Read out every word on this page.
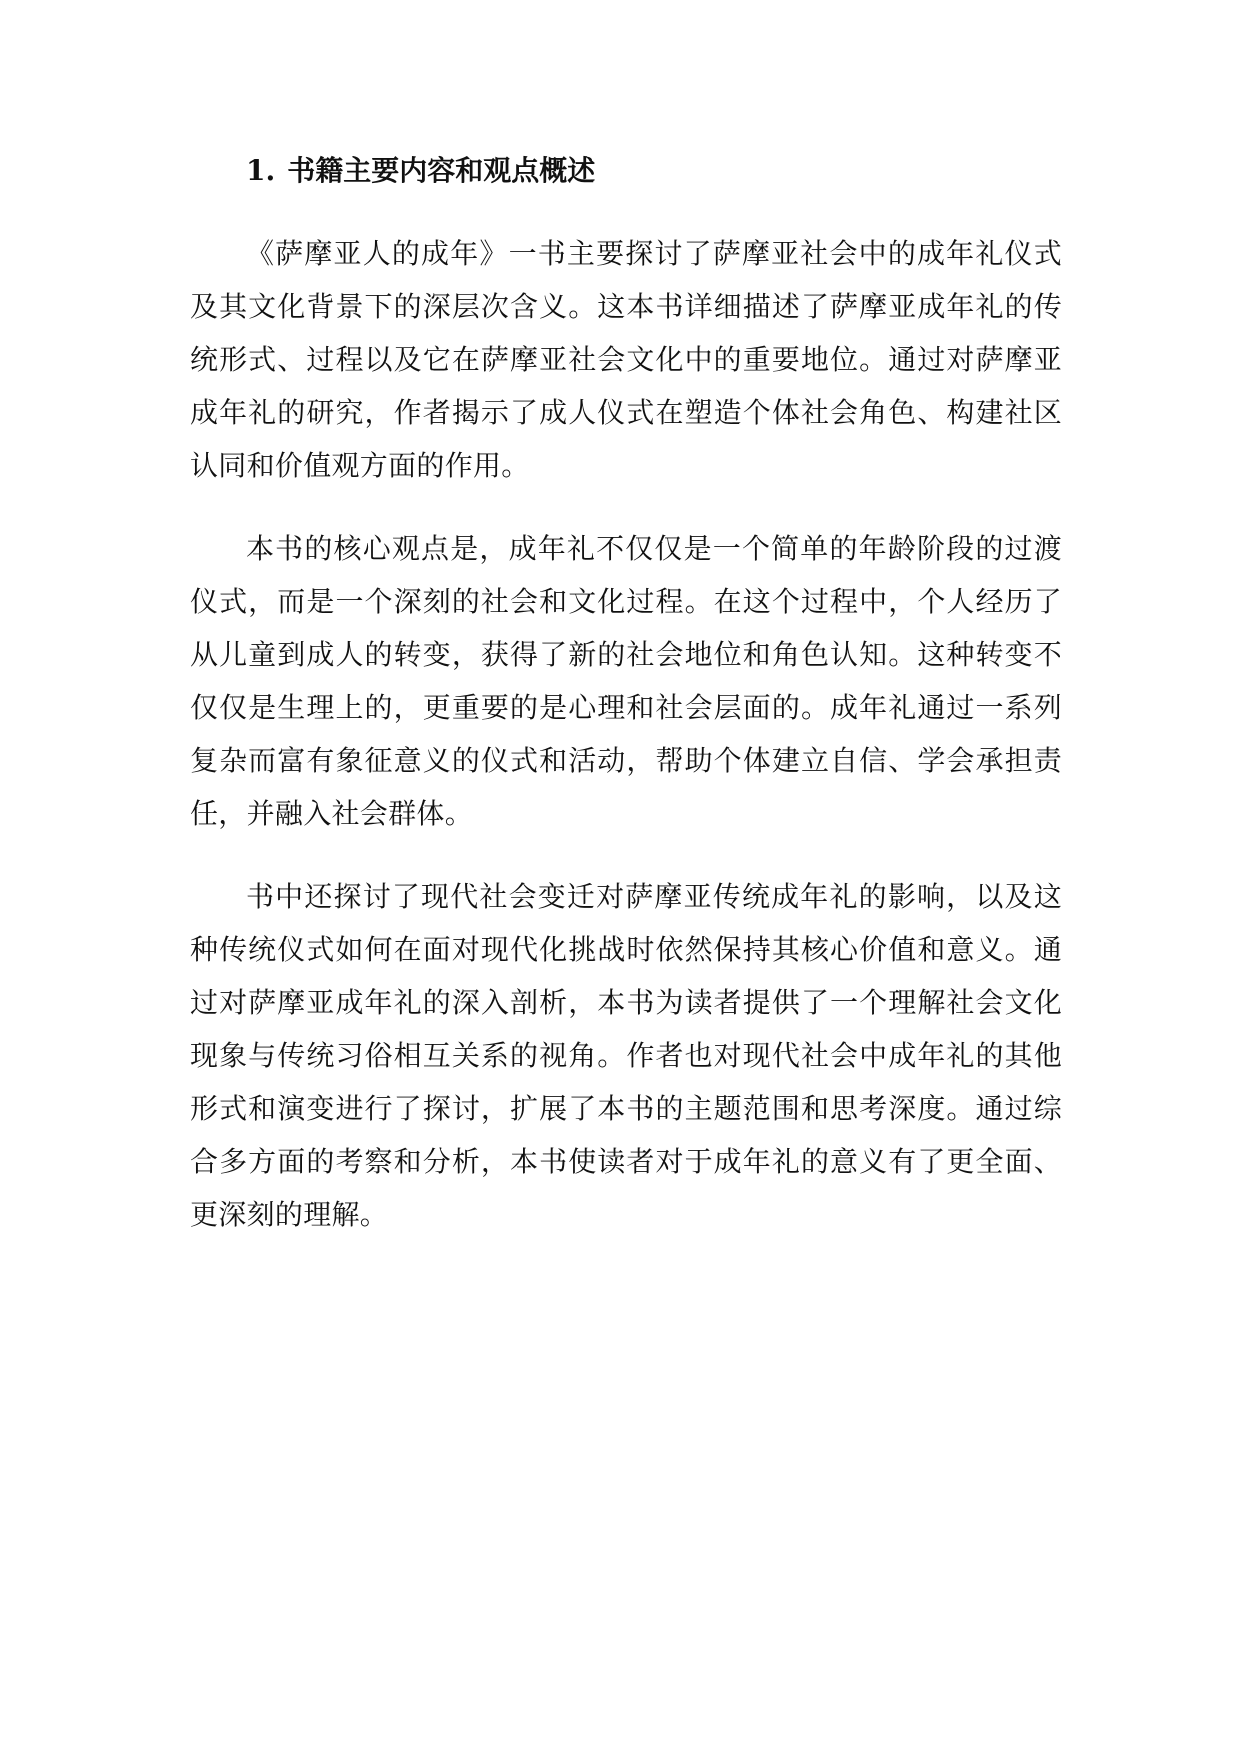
1. 书籍主要内容和观点概述

《萨摩亚人的成年》一书主要探讨了萨摩亚社会中的成年礼仪式及其文化背景下的深层次含义。这本书详细描述了萨摩亚成年礼的传统形式、过程以及它在萨摩亚社会文化中的重要地位。通过对萨摩亚成年礼的研究，作者揭示了成人仪式在塑造个体社会角色、构建社区认同和价值观方面的作用。

本书的核心观点是，成年礼不仅仅是一个简单的年龄阶段的过渡仪式，而是一个深刻的社会和文化过程。在这个过程中，个人经历了从儿童到成人的转变，获得了新的社会地位和角色认知。这种转变不仅仅是生理上的，更重要的是心理和社会层面的。成年礼通过一系列复杂而富有象征意义的仪式和活动，帮助个体建立自信、学会承担责任，并融入社会群体。

书中还探讨了现代社会变迁对萨摩亚传统成年礼的影响，以及这种传统仪式如何在面对现代化挑战时依然保持其核心价值和意义。通过对萨摩亚成年礼的深入剖析，本书为读者提供了一个理解社会文化现象与传统习俗相互关系的视角。作者也对现代社会中成年礼的其他形式和演变进行了探讨，扩展了本书的主题范围和思考深度。通过综合多方面的考察和分析，本书使读者对于成年礼的意义有了更全面、更深刻的理解。
